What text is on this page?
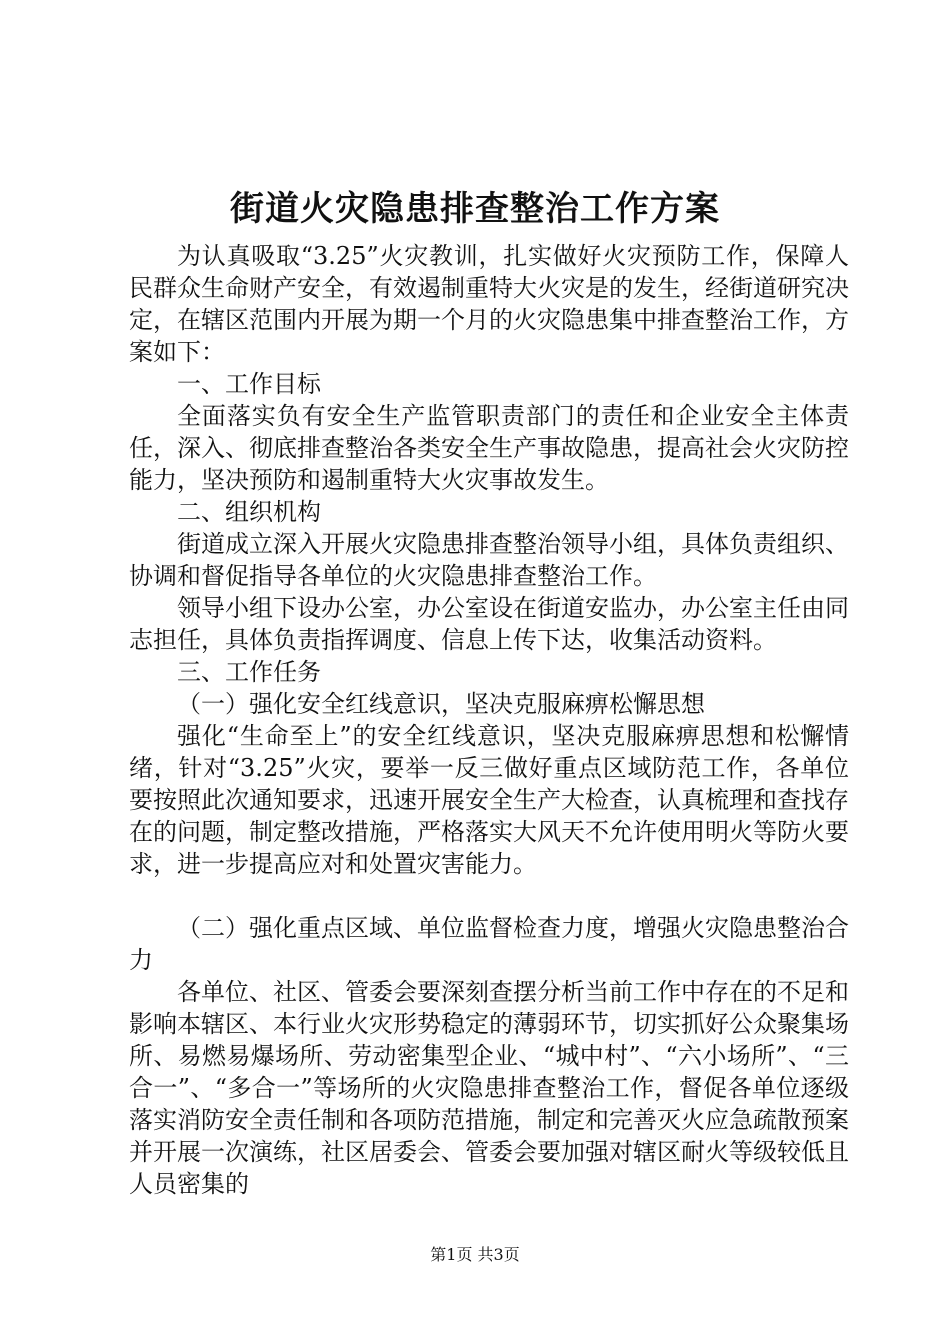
街道火灾隐患排查整治工作方案

为认真吸取“3.25”火灾教训，扎实做好火灾预防工作，保障人民群众生命财产安全，有效遏制重特大火灾是的发生，经街道研究决定，在辖区范围内开展为期一个月的火灾隐患集中排查整治工作，方案如下：

一、工作目标

全面落实负有安全生产监管职责部门的责任和企业安全主体责任，深入、彻底排查整治各类安全生产事故隐患，提高社会火灾防控能力，坚决预防和遏制重特大火灾事故发生。

二、组织机构

街道成立深入开展火灾隐患排查整治领导小组，具体负责组织、协调和督促指导各单位的火灾隐患排查整治工作。

领导小组下设办公室，办公室设在街道安监办，办公室主任由同志担任，具体负责指挥调度、信息上传下达，收集活动资料。

三、工作任务

（一）强化安全红线意识，坚决克服麻痹松懈思想

强化“生命至上”的安全红线意识，坚决克服麻痹思想和松懈情绪，针对“3.25”火灾，要举一反三做好重点区域防范工作，各单位要按照此次通知要求，迅速开展安全生产大检查，认真梳理和查找存在的问题，制定整改措施，严格落实大风天不允许使用明火等防火要求，进一步提高应对和处置灾害能力。

（二）强化重点区域、单位监督检查力度，增强火灾隐患整治合力

各单位、社区、管委会要深刻查摆分析当前工作中存在的不足和影响本辖区、本行业火灾形势稳定的薄弱环节，切实抓好公众聚集场所、易燃易爆场所、劳动密集型企业、“城中村”、“六小场所”、“三合一”、“多合一”等场所的火灾隐患排查整治工作，督促各单位逐级落实消防安全责任制和各项防范措施，制定和完善灭火应急疏散预案并开展一次演练，社区居委会、管委会要加强对辖区耐火等级较低且人员密集的

第1页 共3页
